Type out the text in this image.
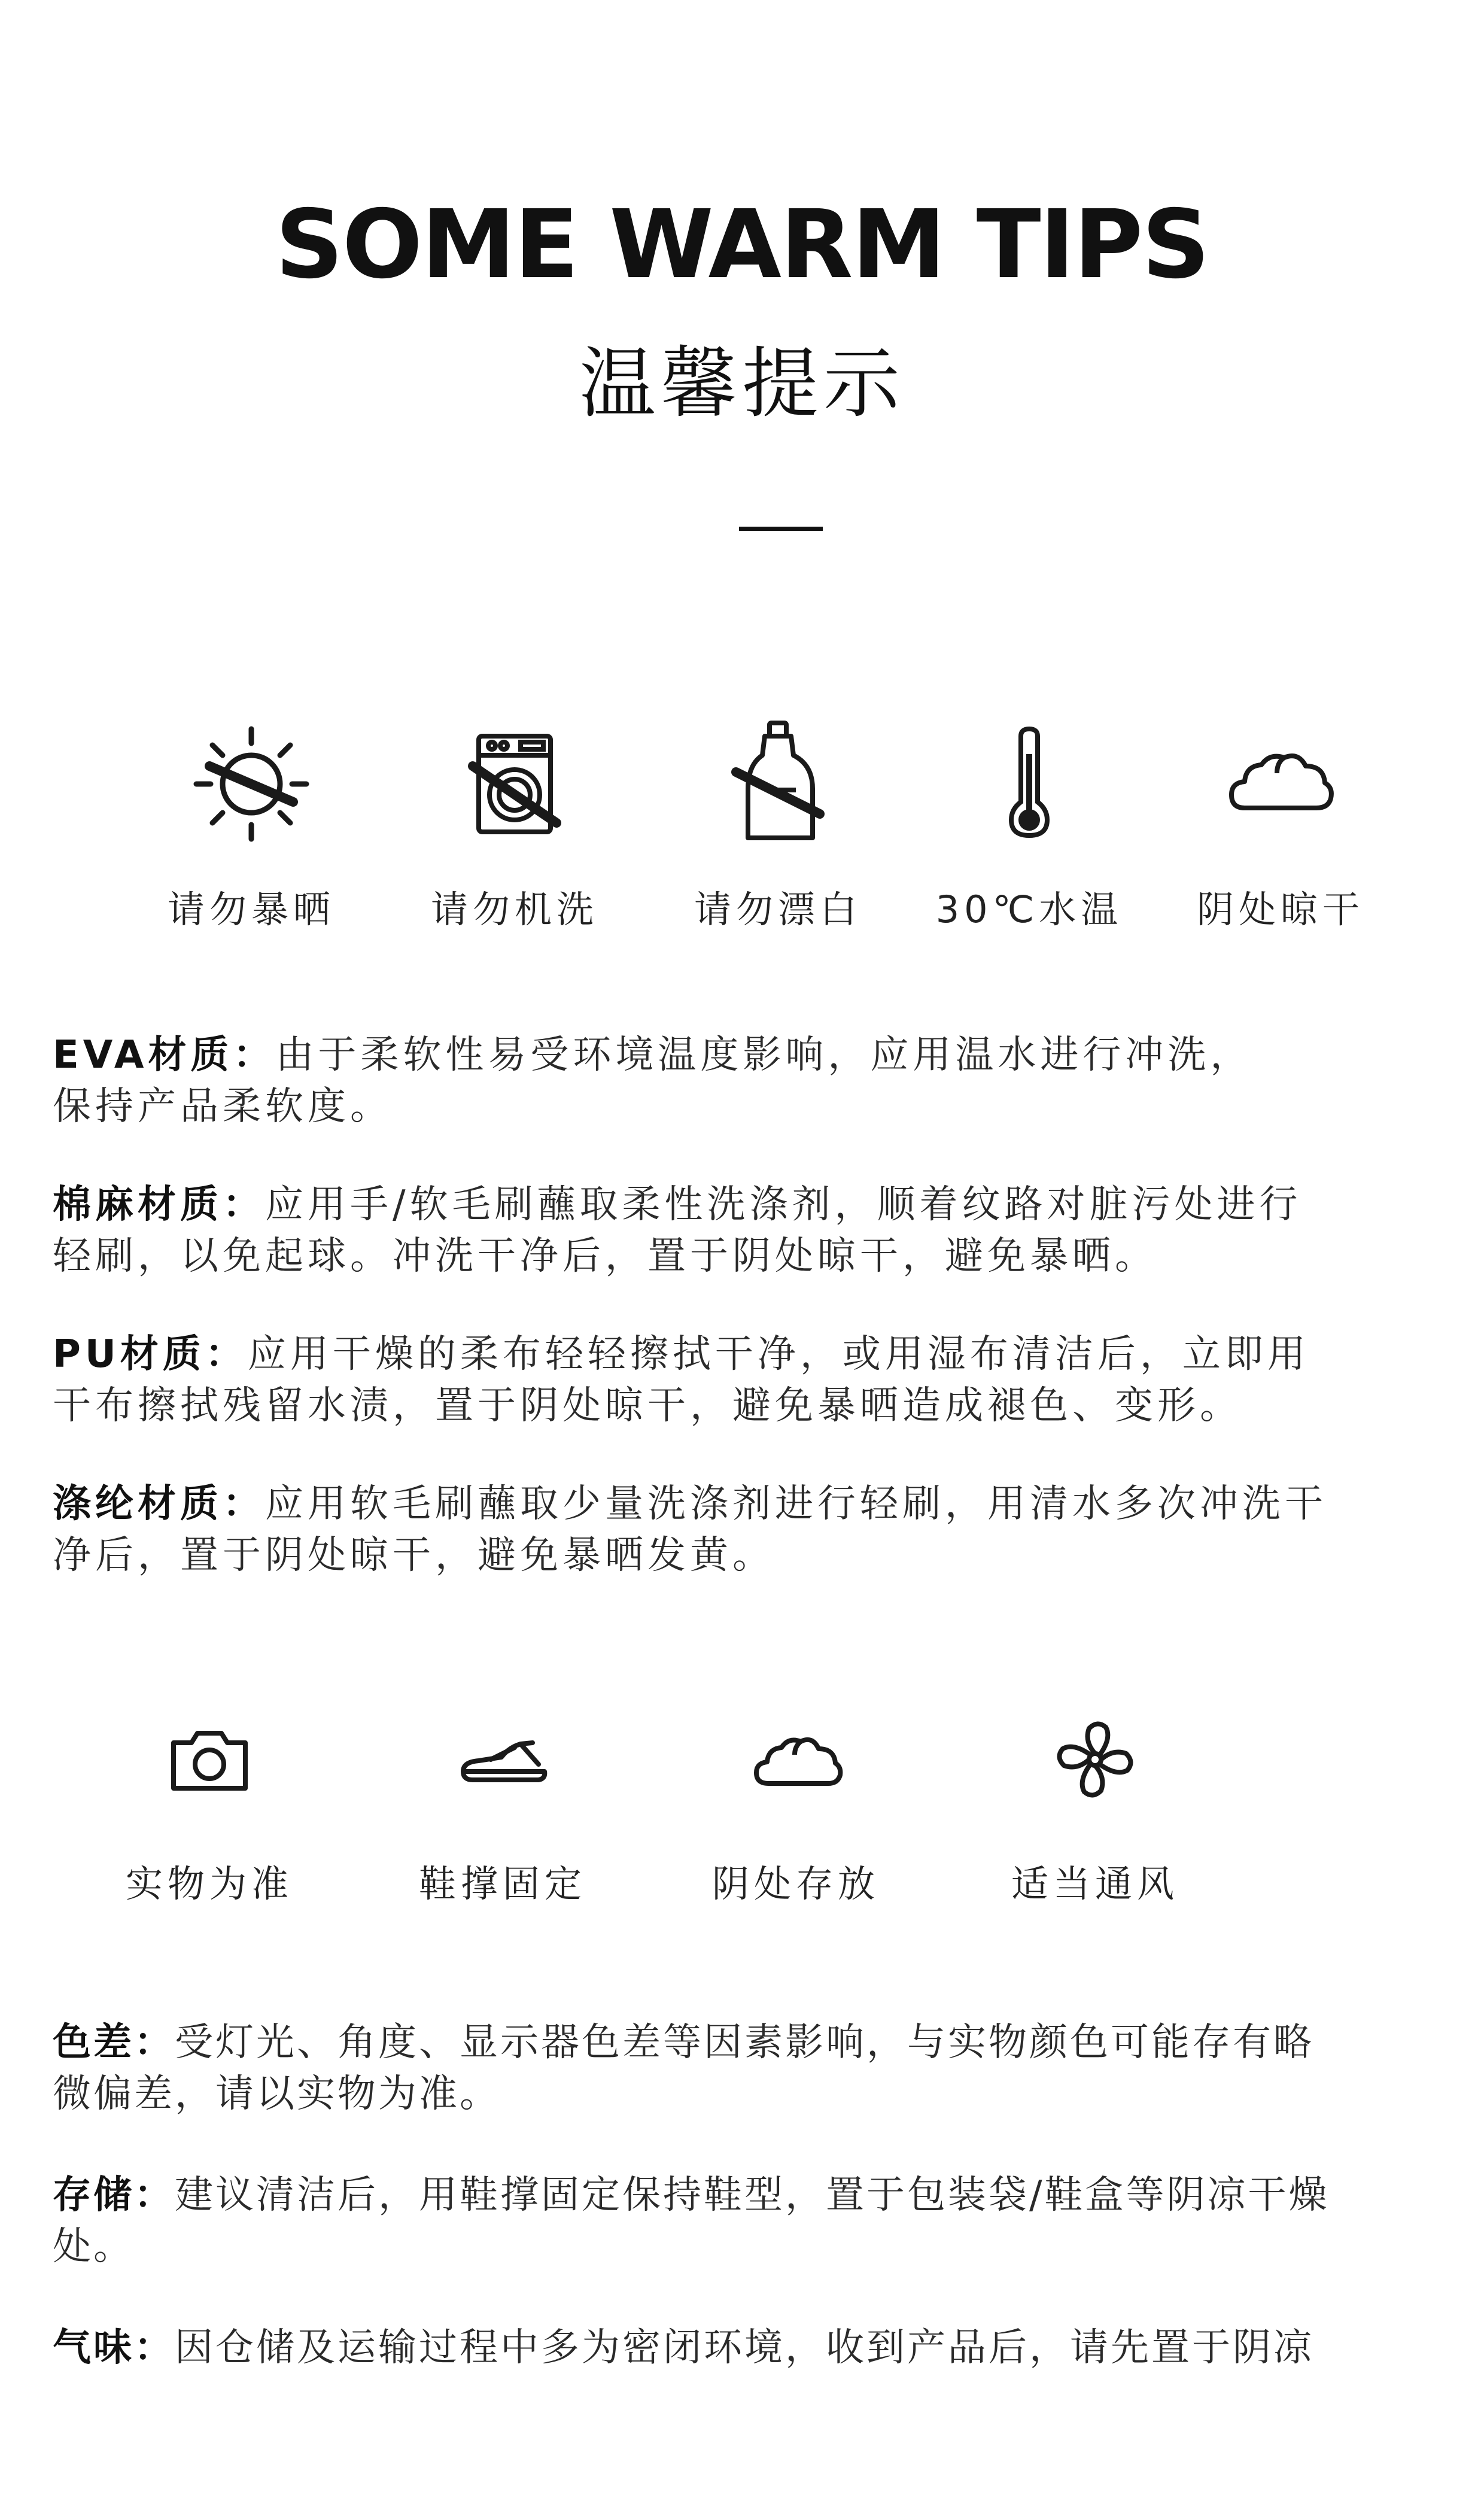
SOME WARM TIPS
温馨提示
请勿暴晒	请勿机洗	请勿漂白	30℃水温	阴处晾干
EVA材质：由于柔软性易受环境温度影响，应用温水进行冲洗，
保持产品柔软度。
棉麻材质：应用手/软毛刷蘸取柔性洗涤剂，顺着纹路对脏污处进行
轻刷，以免起球。冲洗干净后，置于阴处晾干，避免暴晒。
PU材质：应用干燥的柔布轻轻擦拭干净，或用湿布清洁后，立即用
干布擦拭残留水渍，置于阴处晾干，避免暴晒造成褪色、变形。
涤纶材质：应用软毛刷蘸取少量洗涤剂进行轻刷，用清水多次冲洗干
净后，置于阴处晾干，避免暴晒发黄。
实物为准	鞋撑固定	阴处存放	适当通风
色差：受灯光、角度、显示器色差等因素影响，与实物颜色可能存有略
微偏差，请以实物为准。
存储：建议清洁后，用鞋撑固定保持鞋型，置于包装袋/鞋盒等阴凉干燥
处。
气味：因仓储及运输过程中多为密闭环境，收到产品后，请先置于阴凉
